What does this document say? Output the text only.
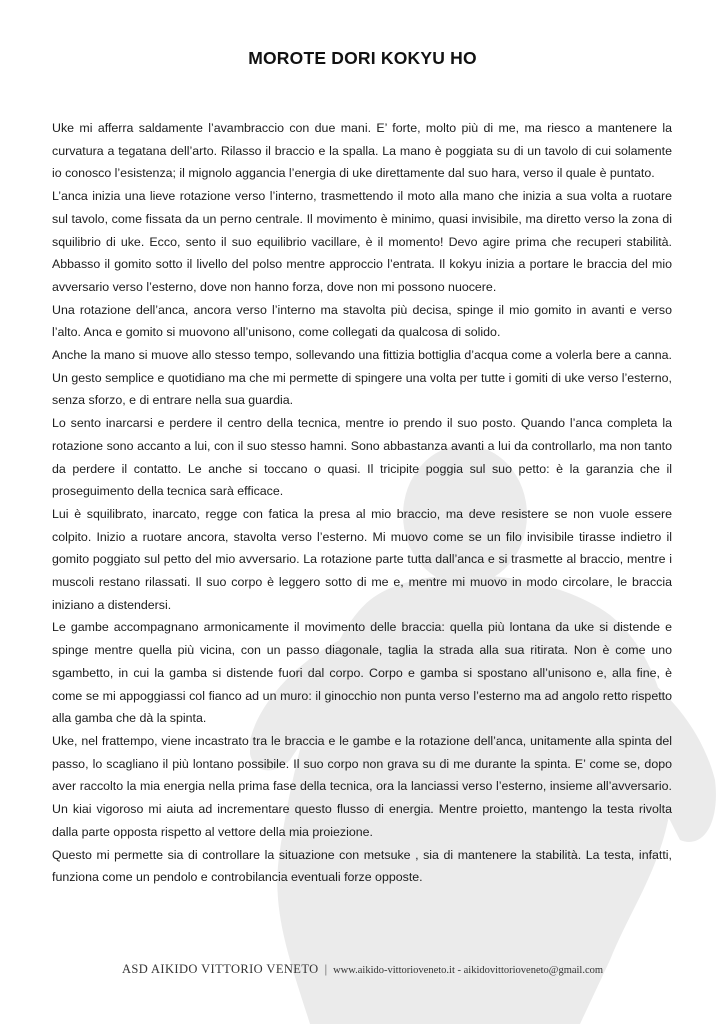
MOROTE DORI KOKYU HO

Uke mi afferra saldamente l’avambraccio con due mani. E’ forte, molto più di me, ma riesco a mantenere la curvatura a tegatana dell’arto. Rilasso il braccio e la spalla. La mano è poggiata su di un tavolo di cui solamente io conosco l’esistenza; il mignolo aggancia l’energia di uke direttamente dal suo hara, verso il quale è puntato.

L’anca inizia una lieve rotazione verso l’interno, trasmettendo il moto alla mano che inizia a sua volta a ruotare sul tavolo, come fissata da un perno centrale. Il movimento è minimo, quasi invisibile, ma diretto verso la zona di squilibrio di uke. Ecco, sento il suo equilibrio vacillare, è il momento! Devo agire prima che recuperi stabilità. Abbasso il gomito sotto il livello del polso mentre approccio l’entrata. Il kokyu inizia a portare le braccia del mio avversario verso l’esterno, dove non hanno forza, dove non mi possono nuocere.

Una rotazione dell’anca, ancora verso l’interno ma stavolta più decisa, spinge il mio gomito in avanti e verso l’alto. Anca e gomito si muovono all’unisono, come collegati da qualcosa di solido.

Anche la mano si muove allo stesso tempo, sollevando una fittizia bottiglia d’acqua come a volerla bere a canna. Un gesto semplice e quotidiano ma che mi permette di spingere una volta per tutte i gomiti di uke verso l’esterno, senza sforzo, e di entrare nella sua guardia.

Lo sento inarcarsi e perdere il centro della tecnica, mentre io prendo il suo posto. Quando l’anca completa la rotazione sono accanto a lui, con il suo stesso hamni. Sono abbastanza avanti a lui da controllarlo, ma non tanto da perdere il contatto. Le anche si toccano o quasi. Il tricipite poggia sul suo petto: è la garanzia che il proseguimento della tecnica sarà efficace.

Lui è squilibrato, inarcato, regge con fatica la presa al mio braccio, ma deve resistere se non vuole essere colpito. Inizio a ruotare ancora, stavolta verso l’esterno. Mi muovo come se un filo invisibile tirasse indietro il gomito poggiato sul petto del mio avversario. La rotazione parte tutta dall’anca e si trasmette al braccio, mentre i muscoli restano rilassati. Il suo corpo è leggero sotto di me e, mentre mi muovo in modo circolare, le braccia iniziano a distendersi.

Le gambe accompagnano armonicamente il movimento delle braccia: quella più lontana da uke si distende e spinge mentre quella più vicina, con un passo diagonale, taglia la strada alla sua ritirata. Non è come uno sgambetto, in cui la gamba si distende fuori dal corpo. Corpo e gamba si spostano all’unisono e, alla fine, è come se mi appoggiassi col fianco ad un muro: il ginocchio non punta verso l’esterno ma ad angolo retto rispetto alla gamba che dà la spinta.

Uke, nel frattempo, viene incastrato tra le braccia e le gambe e la rotazione dell’anca, unitamente alla spinta del passo, lo scagliano il più lontano possibile. Il suo corpo non grava su di me durante la spinta. E’ come se, dopo aver raccolto la mia energia nella prima fase della tecnica, ora la lanciassi verso l’esterno, insieme all’avversario. Un kiai vigoroso mi aiuta ad incrementare questo flusso di energia. Mentre proietto, mantengo la testa rivolta dalla parte opposta rispetto al vettore della mia proiezione.

Questo mi permette sia di controllare la situazione con metsuke , sia di mantenere la stabilità. La testa, infatti, funziona come un pendolo e controbilancia eventuali forze opposte.

ASD AIKIDO VITTORIO VENETO | www.aikido-vittorioveneto.it - aikidovittorioveneto@gmail.com
